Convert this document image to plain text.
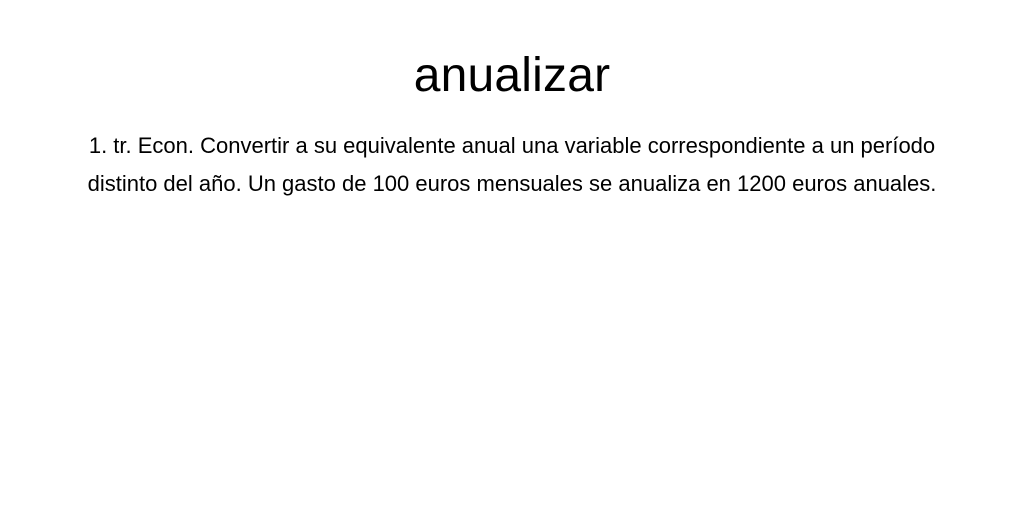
anualizar

1. tr. Econ. Convertir a su equivalente anual una variable correspondiente a un período distinto del año. Un gasto de 100 euros mensuales se anualiza en 1200 euros anuales.
